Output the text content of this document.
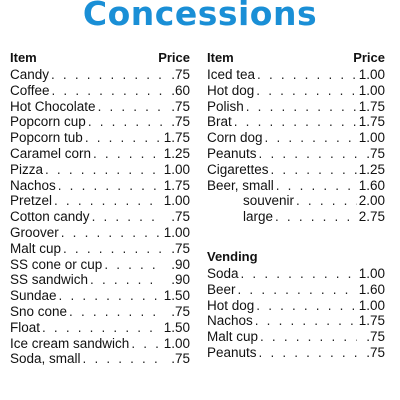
Concessions
Item	Price
Candy . . .	.75
Coffee . . .	.60
Hot Chocolate . . .	.75
Popcorn cup . . .	.75
Popcorn tub . . .	1.75
Caramel corn . . .	1.25
Pizza . . .	1.00
Nachos . . .	1.75
Pretzel . . .	1.00
Cotton candy . . .	.75
Groover . . .	1.00
Malt cup . . .	.75
SS cone or cup . . .	.90
SS sandwich . . .	.90
Sundae . . .	1.50
Sno cone . . .	.75
Float . . .	1.50
Ice cream sandwich . . .	1.00
Soda, small . . .	.75
Item	Price
Iced tea . . .	1.00
Hot dog . . .	1.00
Polish . . .	1.75
Brat . . .	1.75
Corn dog . . .	1.00
Peanuts . . .	.75
Cigarettes . . .	1.25
Beer, small . . .	1.60
souvenir . . .	2.00
large . . .	2.75
Vending
Soda . . .	1.00
Beer . . .	1.60
Hot dog . . .	1.00
Nachos . . .	1.75
Malt cup . . .	.75
Peanuts . . .	.75
